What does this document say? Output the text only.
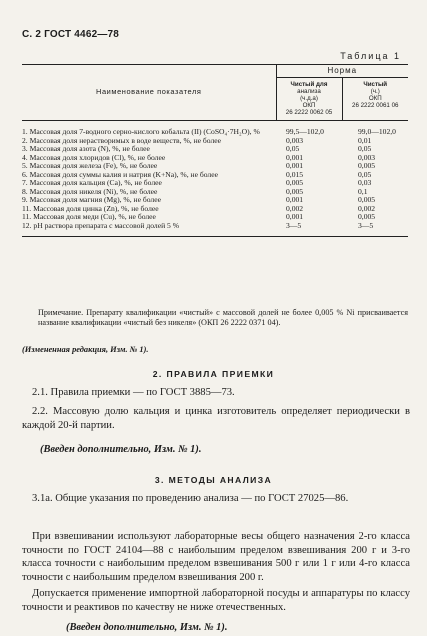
С. 2 ГОСТ 4462—78
Таблица 1
Наименование показателя	Норма	

	Чистый для
анализа
(ч.д.а)
ОКП
26 2222 0062 05	Чистый
(ч.)
ОКП
26 2222 0061 06

1. Массовая доля 7-водного серно-кислого кобальта (II) (CoSO₄·7H₂O), %	99,5—102,0	99,0—102,0
2. Массовая доля нерастворимых в воде веществ, %, не более	0,003	0,01
3. Массовая доля азота (N), %, не более	0,05	0,05
4. Массовая доля хлоридов (Cl), %, не более	0,001	0,003
5. Массовая доля железа (Fe), %, не более	0,001	0,005
6. Массовая доля суммы калия и натрия (K+Na), %, не более	0,015	0,05
7. Массовая доля кальция (Ca), %, не более	0,005	0,03
8. Массовая доля никеля (Ni), %, не более	0,005	0,1
9. Массовая доля магния (Mg), %, не более	0,001	0,005
11. Массовая доля цинка (Zn), %, не более	0,002	0,002
11. Массовая доля меди (Cu), %, не более	0,001	0,005
12. pH раствора препарата с массовой долей 5 %	3—5	3—5
Примечание. Препарату квалификации «чистый» с массовой долей не более 0,005 % Ni присваивается название квалификации «чистый без никеля» (ОКП 26 2222 0371 04).
(Измененная редакция, Изм. № 1).
2. ПРАВИЛА ПРИЕМКИ
2.1. Правила приемки — по ГОСТ 3885—73.
2.2. Массовую долю кальция и цинка изготовитель определяет периодически в каждой 20-й партии.
(Введен дополнительно, Изм. № 1).
3. МЕТОДЫ АНАЛИЗА
3.1а. Общие указания по проведению анализа — по ГОСТ 27025—86.
При взвешивании используют лабораторные весы общего назначения 2-го класса точности по ГОСТ 24104—88 с наибольшим пределом взвешивания 200 г и 3-го класса точности с наибольшим пределом взвешивания 500 г или 1 г или 4-го класса точности с наибольшим пределом взвешивания 200 г.
Допускается применение импортной лабораторной посуды и аппаратуры по классу точности и реактивов по качеству не ниже отечественных.
(Введен дополнительно, Изм. № 1).
